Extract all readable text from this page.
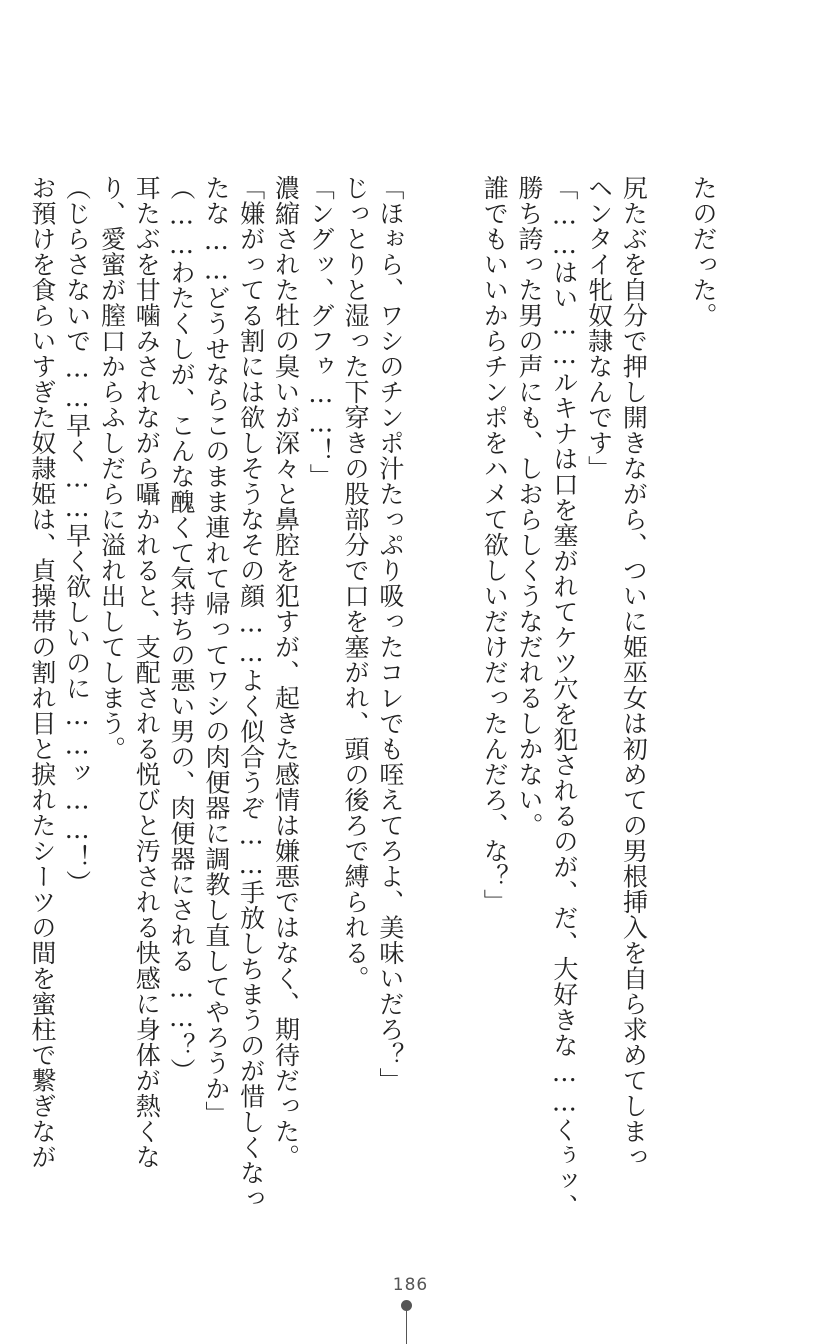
たのだった。

尻たぶを自分で押し開きながら、ついに姫巫女は初めての男根挿入を自ら求めてしまっ

ヘンタイ牝奴隷なんです」

「……はい……ルキナは口を塞がれてケツ穴を犯されるのが、だ、大好きな……くぅッ、

勝ち誇った男の声にも、しおらしくうなだれるしかない。

誰でもいいからチンポをハメて欲しいだけだったんだろ、な？」

「ほぉら、ワシのチンポ汁たっぷり吸ったコレでも咥えてろよ、美味いだろ？」

じっとりと湿った下穿きの股部分で口を塞がれ、頭の後ろで縛られる。

「ングッ、グフゥ……！」

濃縮された牡の臭いが深々と鼻腔を犯すが、起きた感情は嫌悪ではなく、期待だった。

「嫌がってる割には欲しそうなその顔……よく似合うぞ……手放しちまうのが惜しくなっ

たな……どうせならこのまま連れて帰ってワシの肉便器に調教し直してやろうか」

（……わたくしが、こんな醜くて気持ちの悪い男の、肉便器にされる……？）

耳たぶを甘噛みされながら囁かれると、支配される悦びと汚される快感に身体が熱くな

り、愛蜜が膣口からふしだらに溢れ出してしまう。

（じらさないで……早く……早く欲しいのに……ッ……！）

お預けを食らいすぎた奴隷姫は、貞操帯の割れ目と捩れたシーツの間を蜜柱で繋ぎなが

186
